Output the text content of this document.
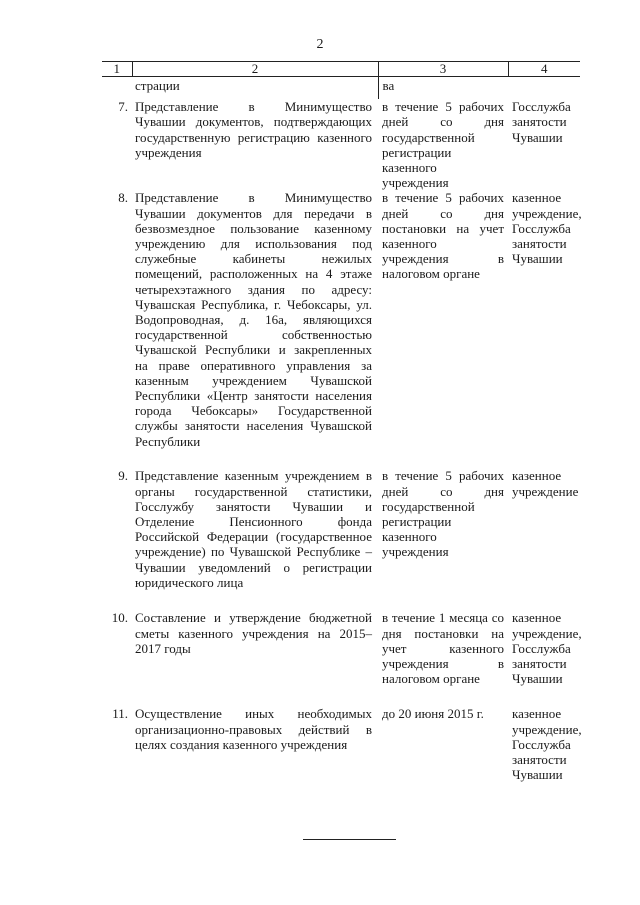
2
1	2	3	4
	страции	ва	
7.	Представление в Минимущество Чувашии документов, подтверждающих государственную регистрацию казенного учреждения	в течение 5 рабочих дней со дня государственной регистрации казенного учреждения	Госслужба занятости Чувашии
8.	Представление в Минимущество Чувашии документов для передачи в безвозмездное пользование казенному учреждению для использования под служебные кабинеты нежилых помещений, расположенных на 4 этаже четырехэтажного здания по адресу: Чувашская Республика, г. Чебоксары, ул. Водопроводная, д. 16а, являющихся государственной собственностью Чувашской Республики и закрепленных на праве оперативного управления за казенным учреждением Чувашской Республики «Центр занятости населения города Чебоксары» Государственной службы занятости населения Чувашской Республики	в течение 5 рабочих дней со дня постановки на учет казенного учреждения в налоговом органе	казенное учреждение, Госслужба занятости Чувашии
9.	Представление казенным учреждением в органы государственной статистики, Госслужбу занятости Чувашии и Отделение Пенсионного фонда Российской Федерации (государственное учреждение) по Чувашской Республике – Чувашии уведомлений о регистрации юридического лица	в течение 5 рабочих дней со дня государственной регистрации казенного учреждения	казенное учреждение
10.	Составление и утверждение бюджетной сметы казенного учреждения на 2015–2017 годы	в течение 1 месяца со дня постановки на учет казенного учреждения в налоговом органе	казенное учреждение, Госслужба занятости Чувашии
11.	Осуществление иных необходимых организационно-правовых действий в целях создания казенного учреждения	до 20 июня 2015 г.	казенное учреждение, Госслужба занятости Чувашии
